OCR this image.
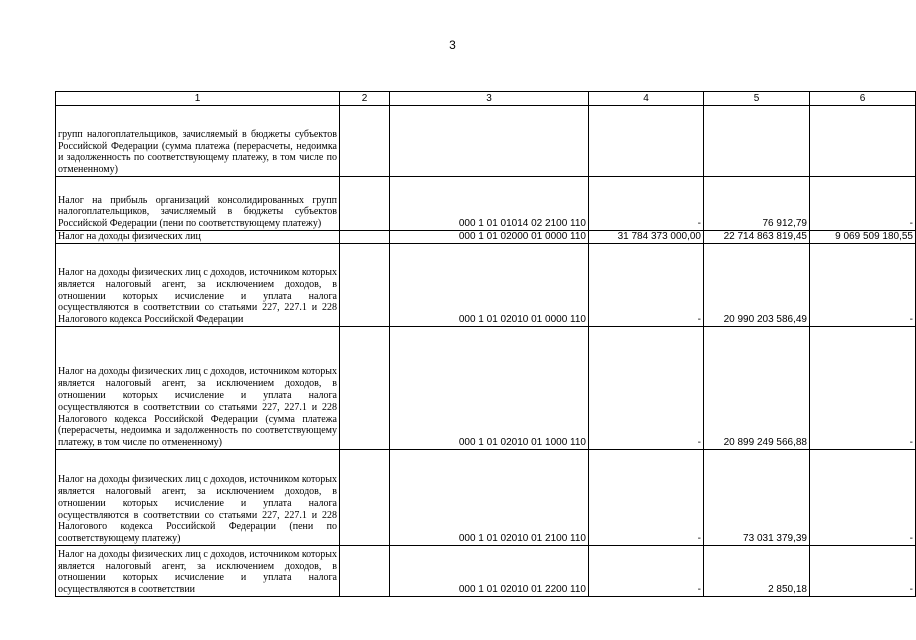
3
1	2	3	4	5	6
групп налогоплательщиков, зачисляемый в бюджеты субъектов Российской Федерации (сумма платежа (перерасчеты, недоимка и задолженность по соответствующему платежу, в том числе по отмененному)					
Налог на прибыль организаций консолидированных групп налогоплательщиков, зачисляемый в бюджеты субъектов Российской Федерации (пени по соответствующему платежу)		000 1 01 01014 02 2100 110	-	76 912,79	-
Налог на доходы физических лиц		000 1 01 02000 01 0000 110	31 784 373 000,00	22 714 863 819,45	9 069 509 180,55
Налог на доходы физических лиц с доходов, источником которых является налоговый агент, за исключением доходов, в отношении которых исчисление и уплата налога осуществляются в соответствии со статьями 227, 227.1 и 228 Налогового кодекса Российской Федерации		000 1 01 02010 01 0000 110	-	20 990 203 586,49	-
Налог на доходы физических лиц с доходов, источником которых является налоговый агент, за исключением доходов, в отношении которых исчисление и уплата налога осуществляются в соответствии со статьями 227, 227.1 и 228 Налогового кодекса Российской Федерации (сумма платежа (перерасчеты, недоимка и задолженность по соответствующему платежу, в том числе по отмененному)		000 1 01 02010 01 1000 110	-	20 899 249 566,88	-
Налог на доходы физических лиц с доходов, источником которых является налоговый агент, за исключением доходов, в отношении которых исчисление и уплата налога осуществляются в соответствии со статьями 227, 227.1 и 228 Налогового кодекса Российской Федерации (пени по соответствующему платежу)		000 1 01 02010 01 2100 110	-	73 031 379,39	-
Налог на доходы физических лиц с доходов, источником которых является налоговый агент, за исключением доходов, в отношении которых исчисление и уплата налога осуществляются в соответствии		000 1 01 02010 01 2200 110	-	2 850,18	-
